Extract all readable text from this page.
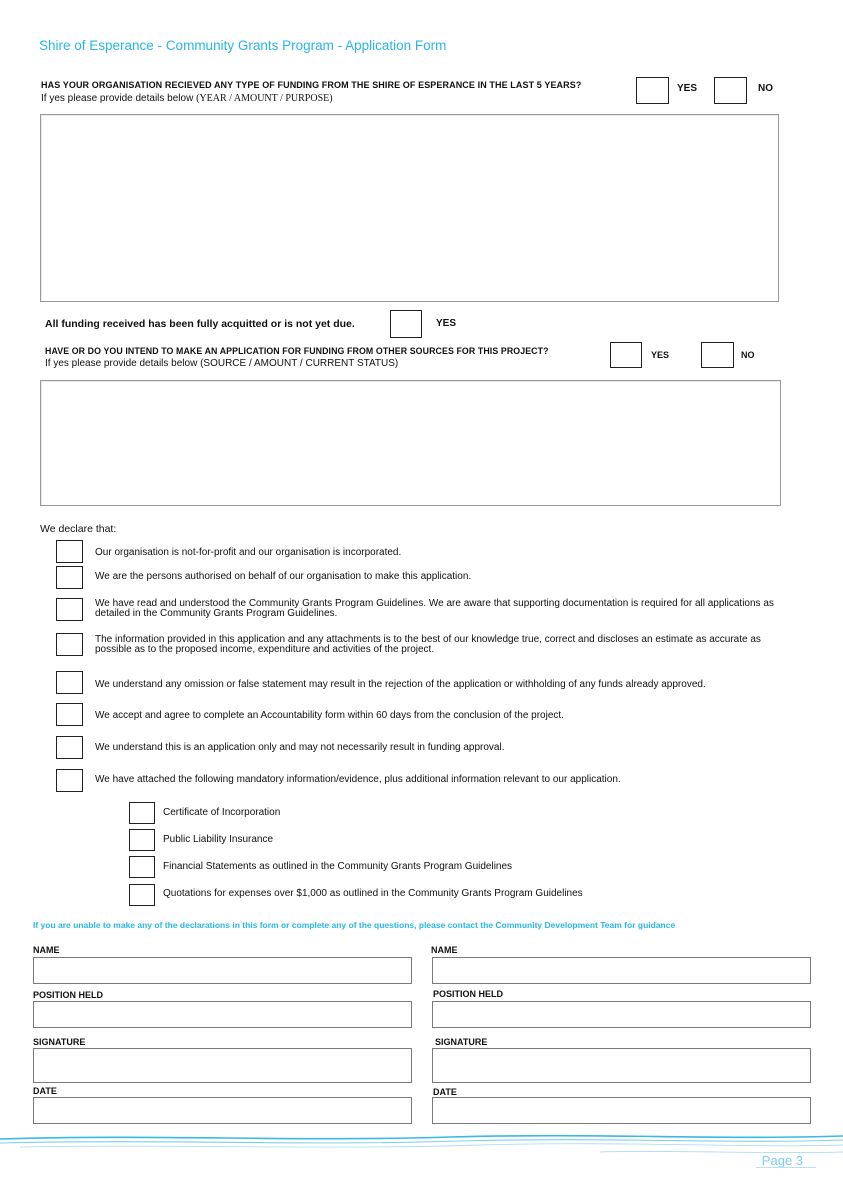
Shire of Esperance - Community Grants Program - Application Form
HAS YOUR ORGANISATION RECIEVED ANY TYPE OF FUNDING FROM THE SHIRE OF ESPERANCE IN THE LAST 5 YEARS?
If yes please provide details below (YEAR / AMOUNT / PURPOSE)
YES	NO
All funding received has been fully acquitted or is not yet due.	YES
HAVE OR DO YOU INTEND TO MAKE AN APPLICATION FOR FUNDING FROM OTHER SOURCES FOR THIS PROJECT?
If yes please provide details below (SOURCE / AMOUNT / CURRENT STATUS)
YES	NO
We declare that:
Our organisation is not-for-profit and our organisation is incorporated.
We are the persons authorised on behalf of our organisation to make this application.
We have read and understood the Community Grants Program Guidelines. We are aware that supporting documentation is required for all applications as detailed in the Community Grants Program Guidelines.
The information provided in this application and any attachments is to the best of our knowledge true, correct and discloses an estimate as accurate as possible as to the proposed income, expenditure and activities of the project.
We understand any omission or false statement may result in the rejection of the application or withholding of any funds already approved.
We accept and agree to complete an Accountability form within 60 days from the conclusion of the project.
We understand this is an application only and may not necessarily result in funding approval.
We have attached the following mandatory information/evidence, plus additional information relevant to our application.
Certificate of Incorporation
Public Liability Insurance
Financial Statements as outlined in the Community Grants Program Guidelines
Quotations for expenses over $1,000 as outlined in the Community Grants Program Guidelines
If you are unable to make any of the declarations in this form or complete any of the questions, please contact the Community Development Team for guidance
NAME
POSITION HELD
SIGNATURE
DATE
NAME
POSITION HELD
SIGNATURE
DATE
Page 3
